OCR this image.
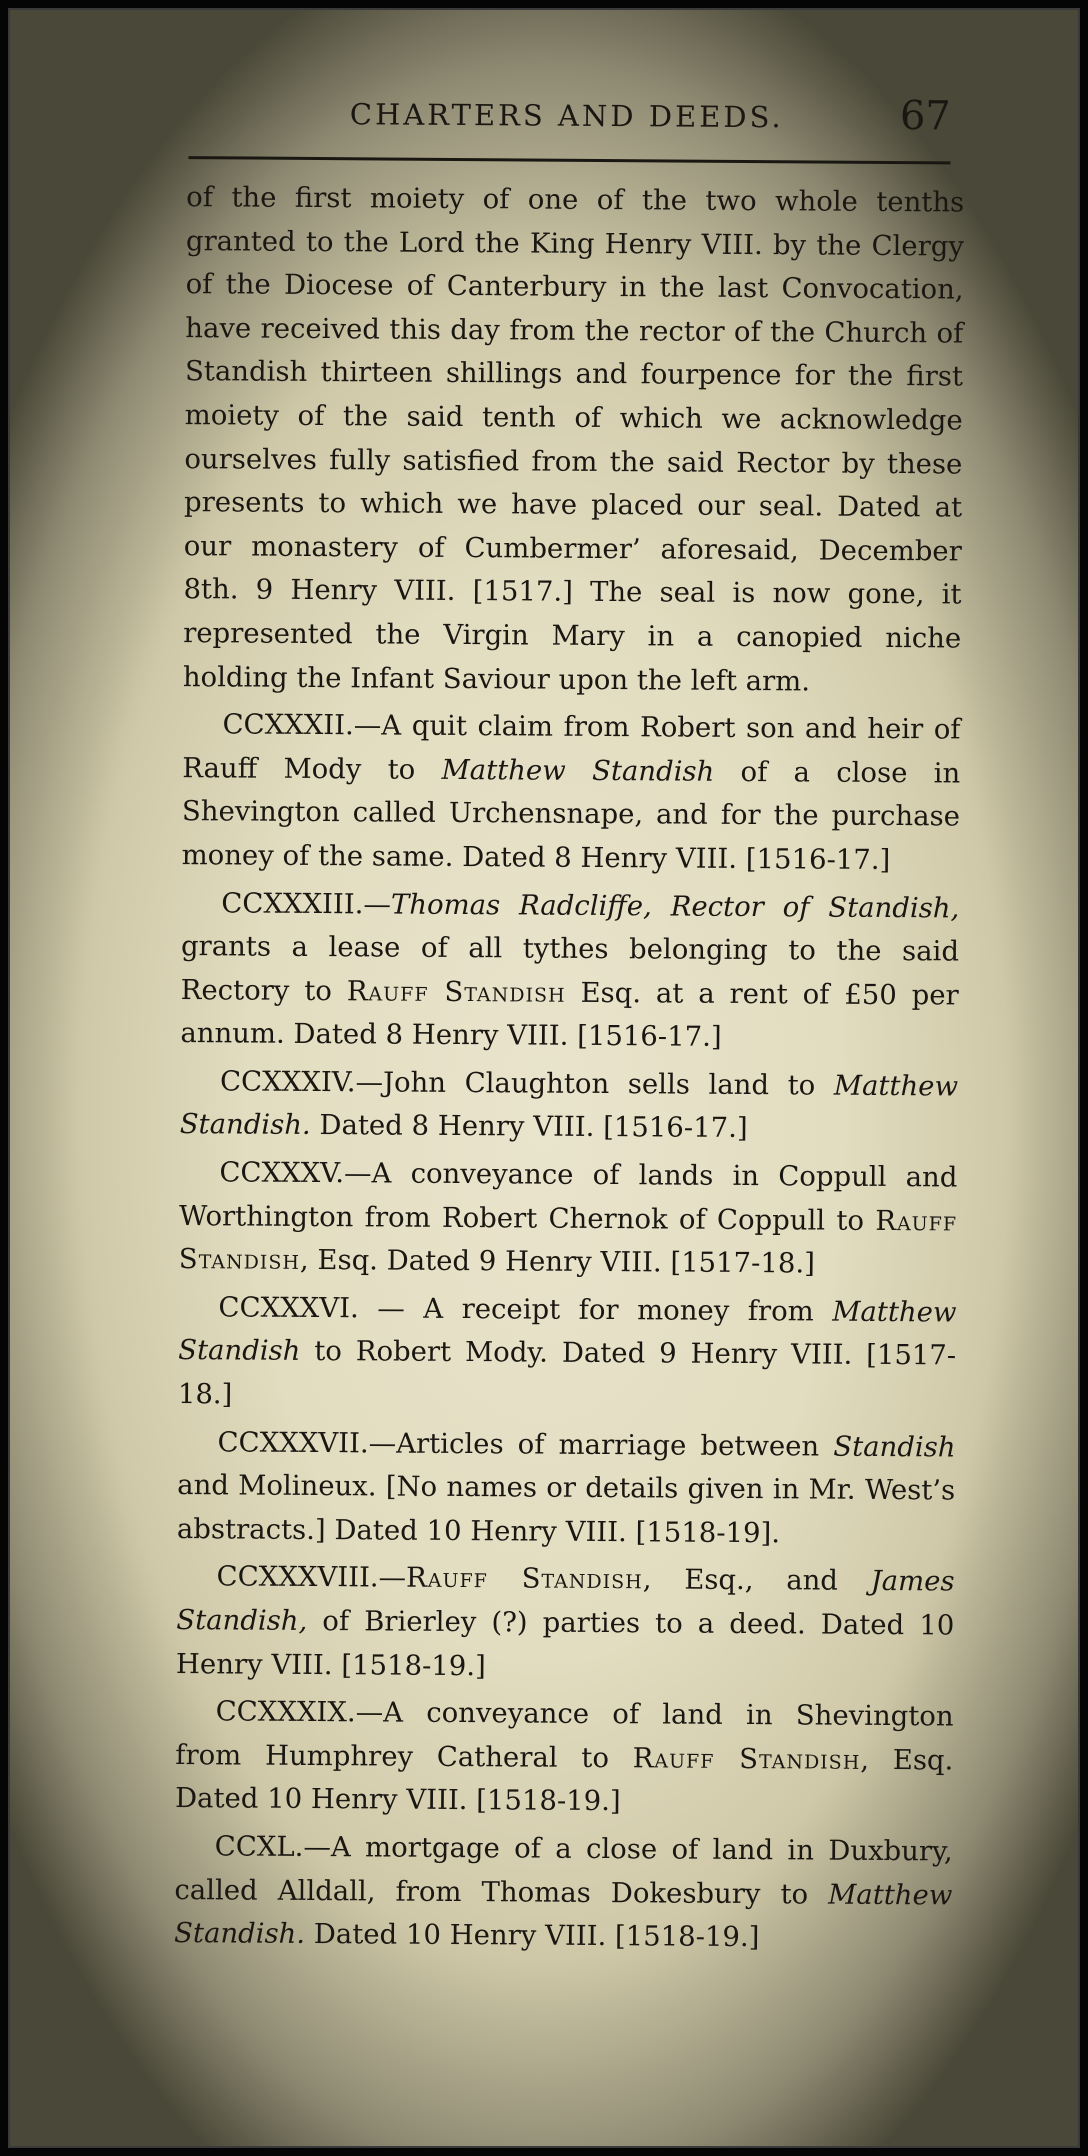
CHARTERS AND DEEDS.	67

of the first moiety of one of the two whole tenths granted to the Lord the King Henry VIII. by the Clergy of the Diocese of Canterbury in the last Convocation, have received this day from the rector of the Church of Standish thirteen shillings and fourpence for the first moiety of the said tenth of which we acknowledge ourselves fully satisfied from the said Rector by these presents to which we have placed our seal. Dated at our monastery of Cumbermer’ aforesaid, December 8th. 9 Henry VIII. [1517.] The seal is now gone, it represented the Virgin Mary in a canopied niche holding the Infant Saviour upon the left arm.

CCXXXII.—A quit claim from Robert son and heir of Rauff Mody to Matthew Standish of a close in Shevington called Urchensnape, and for the purchase money of the same. Dated 8 Henry VIII. [1516-17.]

CCXXXIII.—Thomas Radcliffe, Rector of Standish, grants a lease of all tythes belonging to the said Rectory to Rauff Standish Esq. at a rent of £50 per annum. Dated 8 Henry VIII. [1516-17.]

CCXXXIV.—John Claughton sells land to Matthew Standish. Dated 8 Henry VIII. [1516-17.]

CCXXXV.—A conveyance of lands in Coppull and Worthington from Robert Chernok of Coppull to Rauff Standish, Esq. Dated 9 Henry VIII. [1517-18.]

CCXXXVI. — A receipt for money from Matthew Standish to Robert Mody. Dated 9 Henry VIII. [1517-18.]

CCXXXVII.—Articles of marriage between Standish and Molineux. [No names or details given in Mr. West’s abstracts.] Dated 10 Henry VIII. [1518-19].

CCXXXVIII.—Rauff Standish, Esq., and James Standish, of Brierley (?) parties to a deed. Dated 10 Henry VIII. [1518-19.]

CCXXXIX.—A conveyance of land in Shevington from Humphrey Catheral to Rauff Standish, Esq. Dated 10 Henry VIII. [1518-19.]

CCXL.—A mortgage of a close of land in Duxbury, called Alldall, from Thomas Dokesbury to Matthew Standish. Dated 10 Henry VIII. [1518-19.]
